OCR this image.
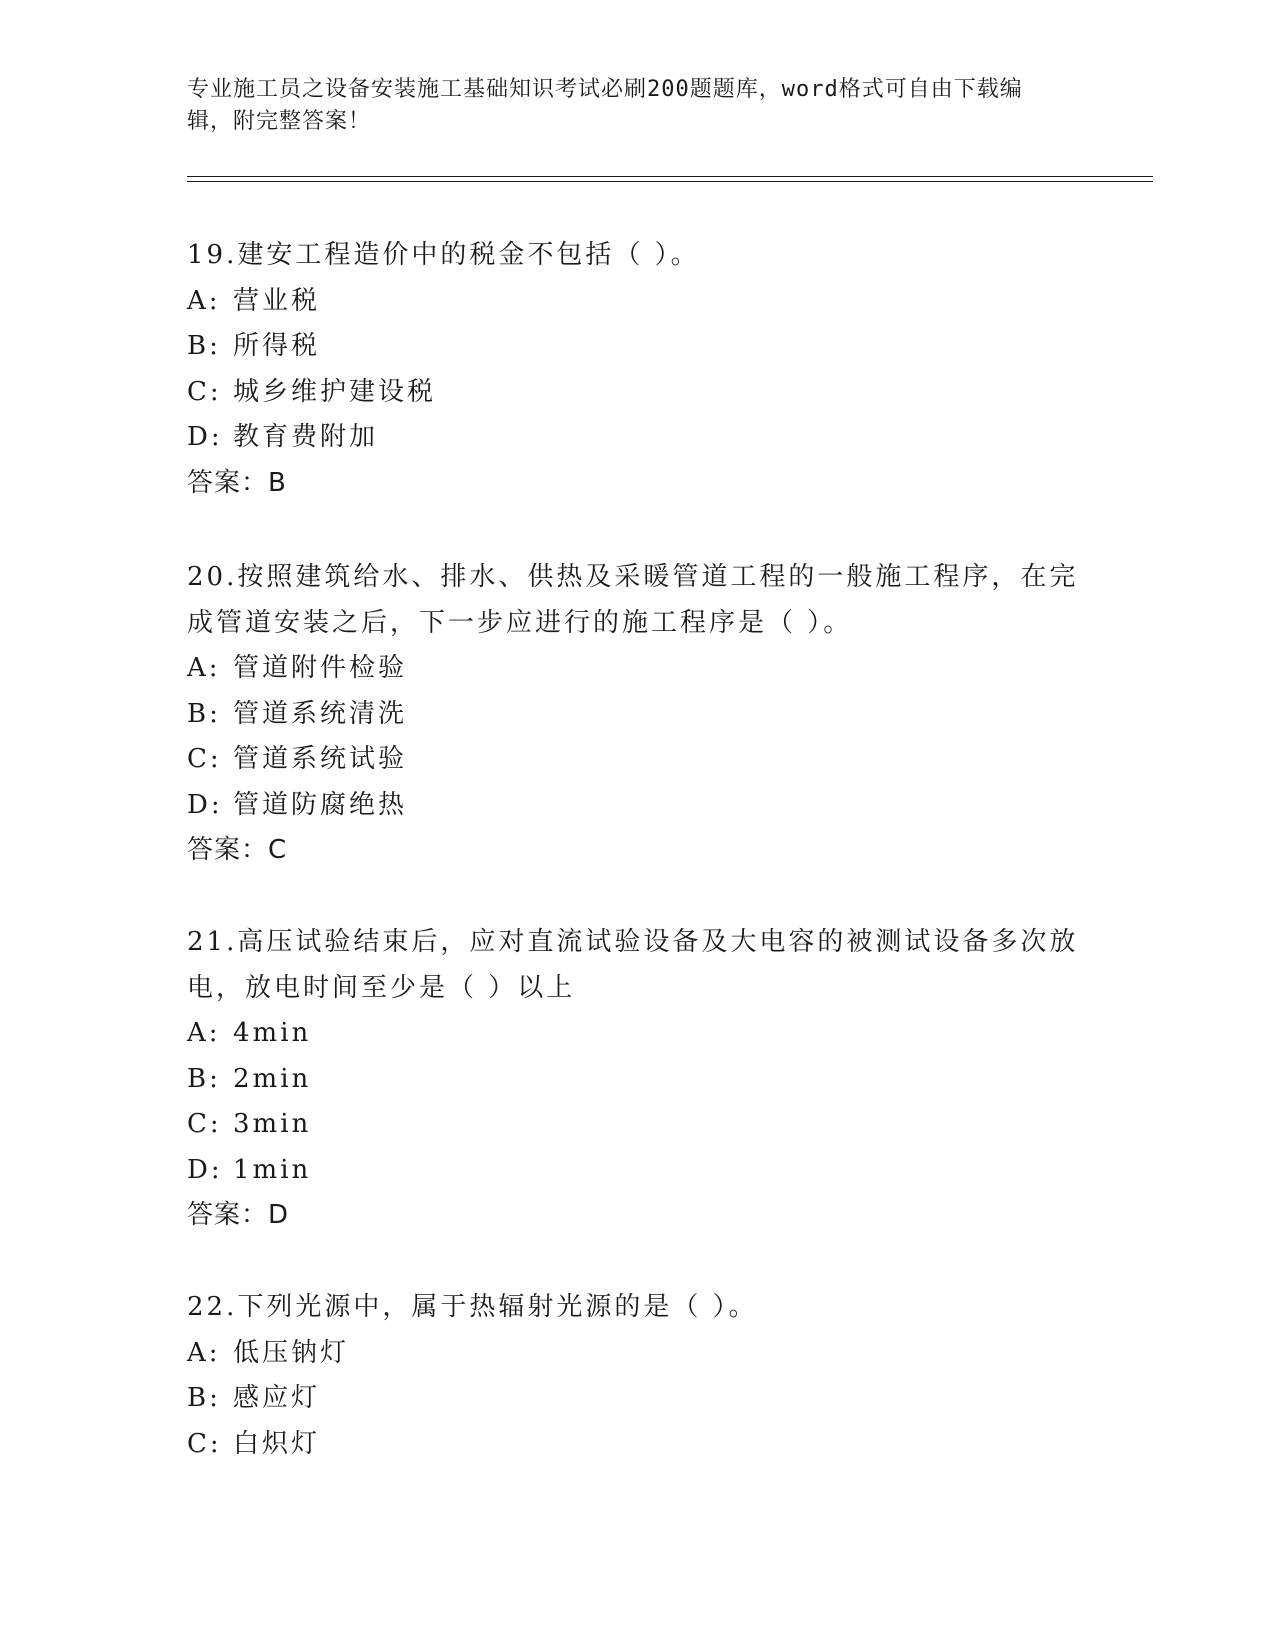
专业施工员之设备安装施工基础知识考试必刷200题题库，word格式可自由下载编辑，附完整答案！

19.建安工程造价中的税金不包括（ ）。

A: 营业税
B: 所得税
C: 城乡维护建设税
D: 教育费附加
答案：B

20.按照建筑给水、排水、供热及采暖管道工程的一般施工程序，在完成管道安装之后，下一步应进行的施工程序是（ ）。

A: 管道附件检验
B: 管道系统清洗
C: 管道系统试验
D: 管道防腐绝热
答案：C

21.高压试验结束后，应对直流试验设备及大电容的被测试设备多次放电，放电时间至少是（ ）以上

A: 4min
B: 2min
C: 3min
D: 1min
答案：D

22.下列光源中，属于热辐射光源的是（ ）。

A: 低压钠灯
B: 感应灯
C: 白炽灯
